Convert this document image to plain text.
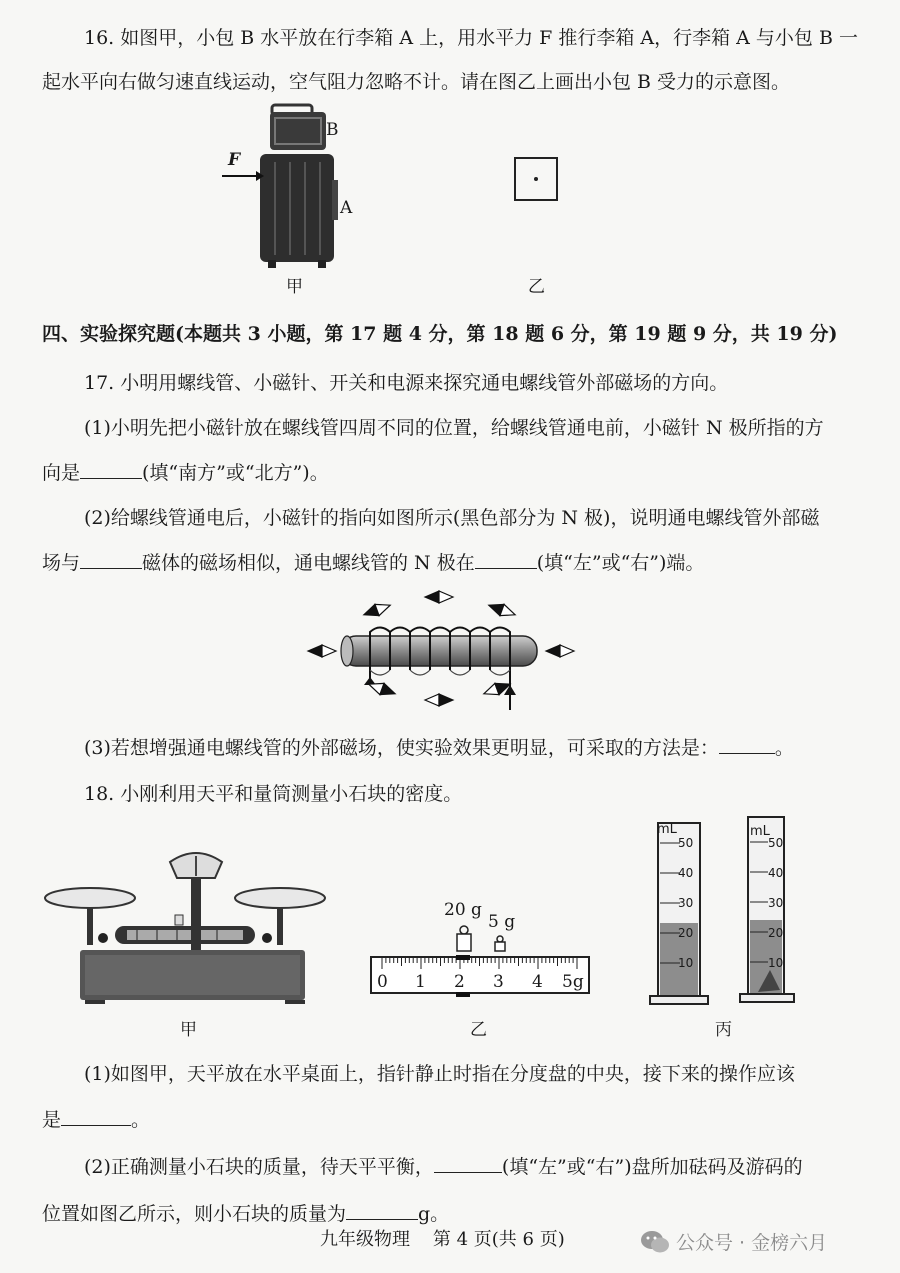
16. 如图甲，小包 B 水平放在行李箱 A 上，用水平力 F 推行李箱 A，行李箱 A 与小包 B 一
起水平向右做匀速直线运动，空气阻力忽略不计。请在图乙上画出小包 B 受力的示意图。
F
B
A
甲	乙
四、实验探究题(本题共 3 小题，第 17 题 4 分，第 18 题 6 分，第 19 题 9 分，共 19 分)
17. 小明用螺线管、小磁针、开关和电源来探究通电螺线管外部磁场的方向。
(1)小明先把小磁针放在螺线管四周不同的位置，给螺线管通电前，小磁针 N 极所指的方
向是	(填“南方”或“北方”)。
(2)给螺线管通电后，小磁针的指向如图所示(黑色部分为 N 极)，说明通电螺线管外部磁
场与	磁体的磁场相似，通电螺线管的 N 极在	(填“左”或“右”)端。
(3)若想增强通电螺线管的外部磁场，使实验效果更明显，可采取的方法是：	。
18. 小刚利用天平和量筒测量小石块的密度。
甲
20 g
5 g
0 1 2 3 4 5g
乙
mL
50
40
30
20
10
mL
50
40
30
20
10
丙
(1)如图甲，天平放在水平桌面上，指针静止时指在分度盘的中央，接下来的操作应该
是	。
(2)正确测量小石块的质量，待天平平衡，	(填“左”或“右”)盘所加砝码及游码的
位置如图乙所示，则小石块的质量为	g。
九年级物理    第 4 页(共 6 页)	公众号 · 金榜六月
